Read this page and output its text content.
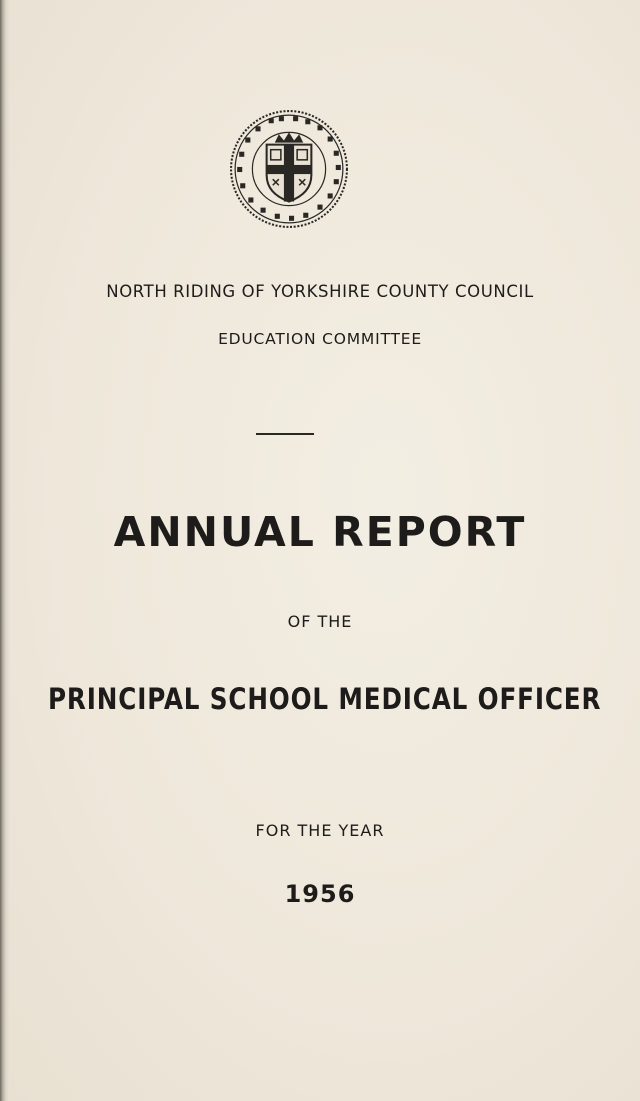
NORTH RIDING OF YORKSHIRE COUNTY COUNCIL
EDUCATION COMMITTEE
ANNUAL REPORT
OF THE
PRINCIPAL SCHOOL MEDICAL OFFICER
FOR THE YEAR
1956
